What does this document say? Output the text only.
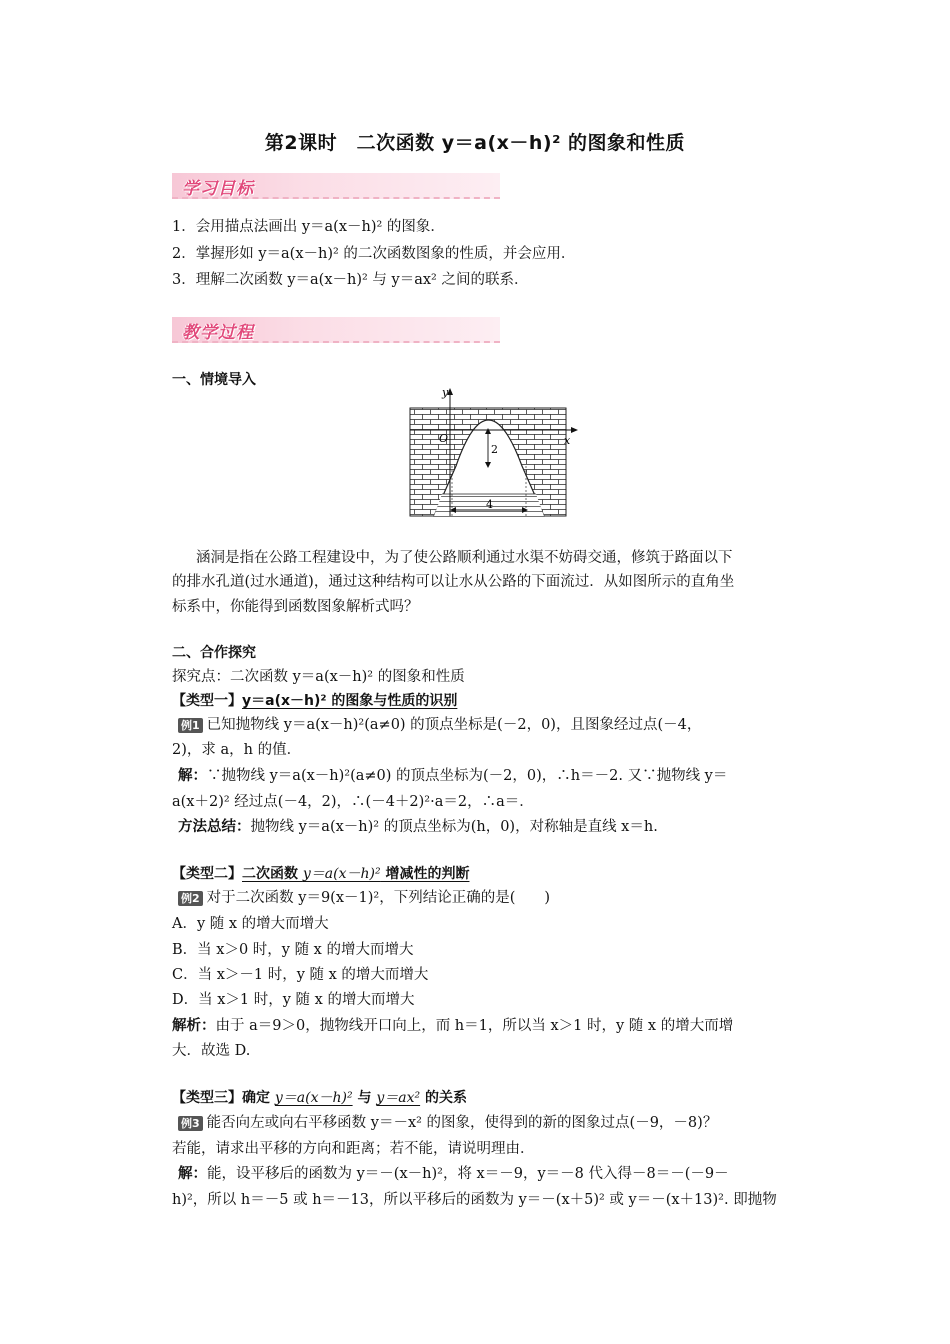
第2课时　二次函数 y＝a(x－h)² 的图象和性质
学习目标
1．会用描点法画出 y＝a(x－h)² 的图象．
2．掌握形如 y＝a(x－h)² 的二次函数图象的性质，并会应用．
3．理解二次函数 y＝a(x－h)² 与 y＝ax² 之间的联系．
教学过程
一、情境导入
y
x
O
2
4
涵洞是指在公路工程建设中，为了使公路顺利通过水渠不妨碍交通，修筑于路面以下
的排水孔道(过水通道)，通过这种结构可以让水从公路的下面流过．从如图所示的直角坐
标系中，你能得到函数图象解析式吗？
二、合作探究
探究点：二次函数 y＝a(x－h)² 的图象和性质
【类型一】y＝a(x－h)² 的图象与性质的识别
例1 已知抛物线 y＝a(x－h)²(a≠0) 的顶点坐标是(－2，0)，且图象经过点(－4，
2)，求 a，h 的值．
解：∵抛物线 y＝a(x－h)²(a≠0) 的顶点坐标为(－2，0)，∴h＝－2. 又∵抛物线 y＝
a(x＋2)² 经过点(－4，2)，∴(－4＋2)²·a＝2，∴a＝．
方法总结：抛物线 y＝a(x－h)² 的顶点坐标为(h，0)，对称轴是直线 x＝h.
【类型二】二次函数 y＝a(x－h)² 增减性的判断
例2 对于二次函数 y＝9(x－1)²，下列结论正确的是(　　)
A．y 随 x 的增大而增大
B．当 x＞0 时，y 随 x 的增大而增大
C．当 x＞－1 时，y 随 x 的增大而增大
D．当 x＞1 时，y 随 x 的增大而增大
解析：由于 a＝9＞0，抛物线开口向上，而 h＝1，所以当 x＞1 时，y 随 x 的增大而增
大．故选 D.
【类型三】确定 y＝a(x－h)² 与 y＝ax² 的关系
例3 能否向左或向右平移函数 y＝－x² 的图象，使得到的新的图象过点(－9，－8)？
若能，请求出平移的方向和距离；若不能，请说明理由．
解：能，设平移后的函数为 y＝－(x－h)²，将 x＝－9，y＝－8 代入得－8＝－(－9－
h)²，所以 h＝－5 或 h＝－13，所以平移后的函数为 y＝－(x＋5)² 或 y＝－(x＋13)². 即抛物
